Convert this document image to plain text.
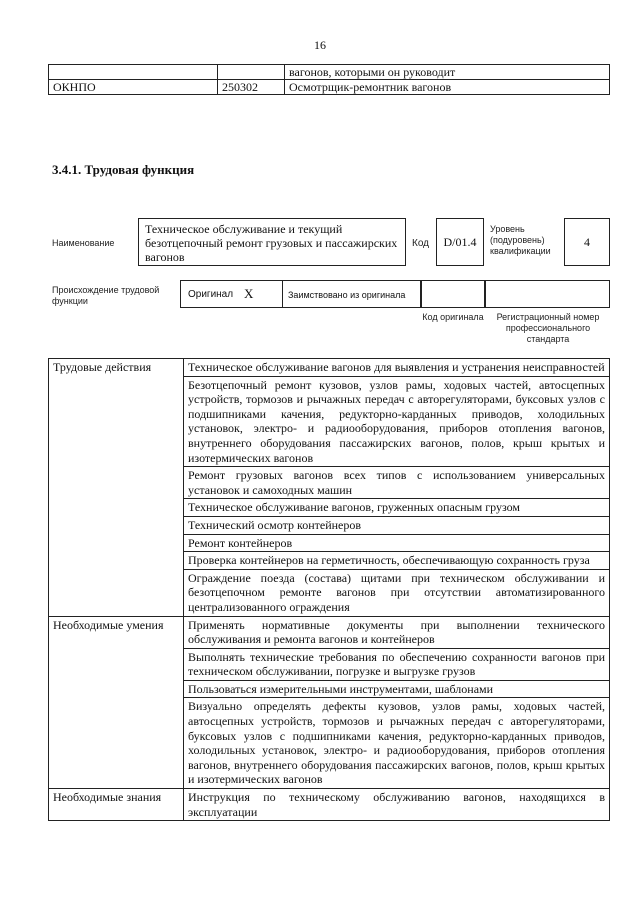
16
		вагонов, которыми он руководит
ОКНПО	250302	Осмотрщик-ремонтник вагонов
3.4.1. Трудовая функция
Наименование
Техническое обслуживание и текущий безотцепочный ремонт грузовых и пассажирских вагонов
Код	D/01.4
Уровень (подуровень) квалификации
4
Происхождение трудовой функции
Оригинал X	Заимствовано из оригинала
Код оригинала	Регистрационный номер профессионального стандарта
Трудовые действия	Техническое обслуживание вагонов для выявления и устранения неисправностей
	Безотцепочный ремонт кузовов, узлов рамы, ходовых частей, автосцепных устройств, тормозов и рычажных передач с авторегуляторами, буксовых узлов с подшипниками качения, редукторно-карданных приводов, холодильных установок, электро- и радиооборудования, приборов отопления вагонов, внутреннего оборудования пассажирских вагонов, полов, крыш крытых и изотермических вагонов
	Ремонт грузовых вагонов всех типов с использованием универсальных установок и самоходных машин
	Техническое обслуживание вагонов, груженных опасным грузом
	Технический осмотр контейнеров
	Ремонт контейнеров
	Проверка контейнеров на герметичность, обеспечивающую сохранность груза
	Ограждение поезда (состава) щитами при техническом обслуживании и безотцепочном ремонте вагонов при отсутствии автоматизированного централизованного ограждения
Необходимые умения	Применять нормативные документы при выполнении технического обслуживания и ремонта вагонов и контейнеров
	Выполнять технические требования по обеспечению сохранности вагонов при техническом обслуживании, погрузке и выгрузке грузов
	Пользоваться измерительными инструментами, шаблонами
	Визуально определять дефекты кузовов, узлов рамы, ходовых частей, автосцепных устройств, тормозов и рычажных передач с авторегуляторами, буксовых узлов с подшипниками качения, редукторно-карданных приводов, холодильных установок, электро- и радиооборудования, приборов отопления вагонов, внутреннего оборудования пассажирских вагонов, полов, крыш крытых и изотермических вагонов
Необходимые знания	Инструкция по техническому обслуживанию вагонов, находящихся в эксплуатации
